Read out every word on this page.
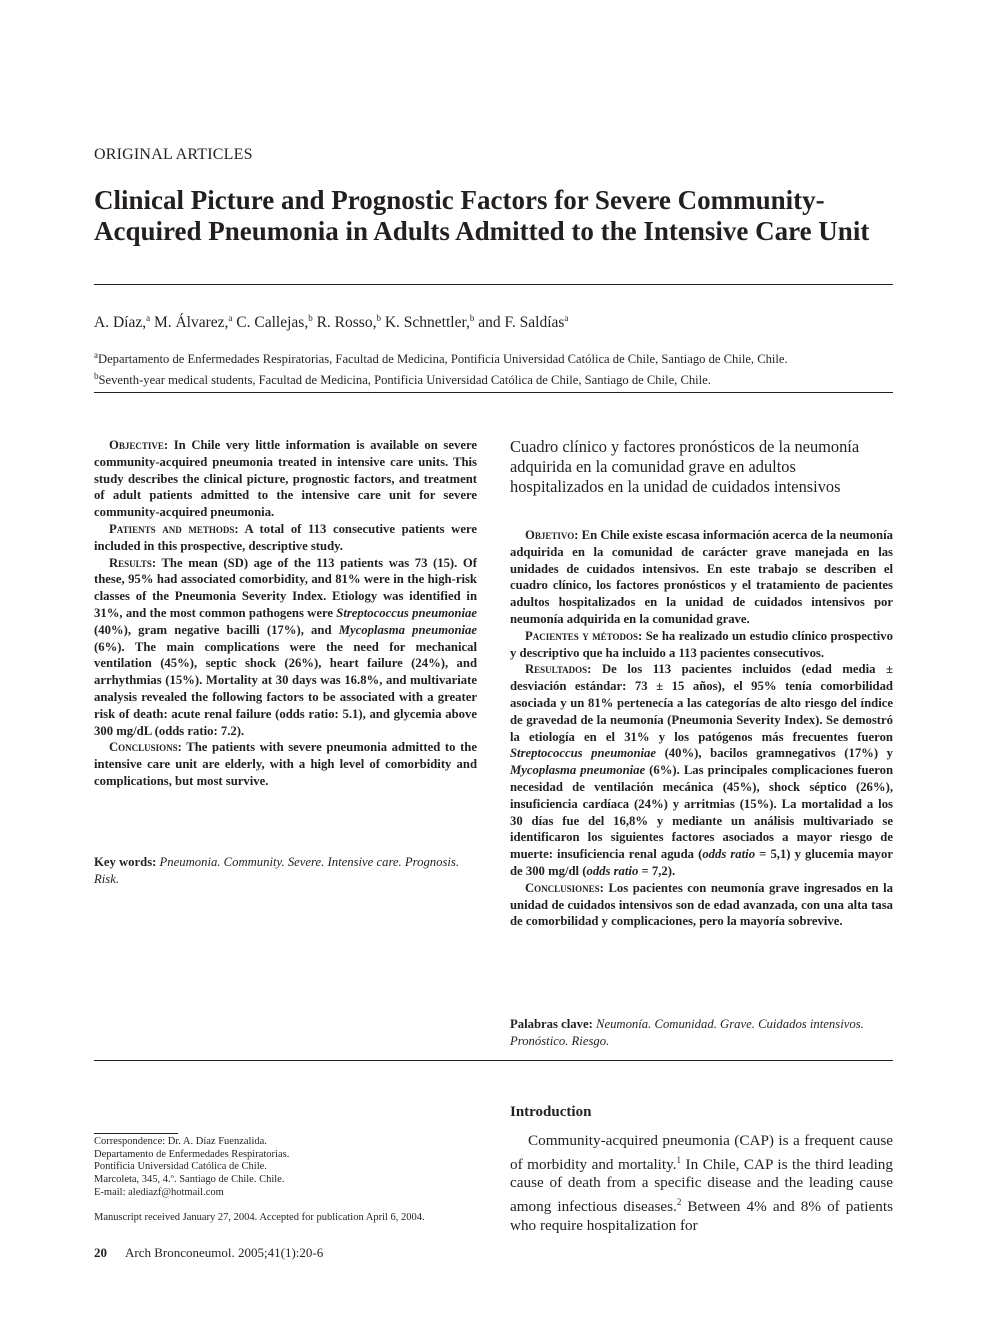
ORIGINAL ARTICLES
Clinical Picture and Prognostic Factors for Severe Community-Acquired Pneumonia in Adults Admitted to the Intensive Care Unit
A. Díaz,$^a$ M. Álvarez,$^a$ C. Callejas,$^b$ R. Rosso,$^b$ K. Schnettler,$^b$ and F. Saldías$^a$
$^a$Departamento de Enfermedades Respiratorias, Facultad de Medicina, Pontificia Universidad Católica de Chile, Santiago de Chile, Chile.
$^b$Seventh-year medical students, Facultad de Medicina, Pontificia Universidad Católica de Chile, Santiago de Chile, Chile.

Objective: In Chile very little information is available on severe community-acquired pneumonia treated in intensive care units. This study describes the clinical picture, prognostic factors, and treatment of adult patients admitted to the intensive care unit for severe community-acquired pneumonia.

Patients and methods: A total of 113 consecutive patients were included in this prospective, descriptive study.

Results: The mean (SD) age of the 113 patients was 73 (15). Of these, 95% had associated comorbidity, and 81% were in the high-risk classes of the Pneumonia Severity Index. Etiology was identified in 31%, and the most common pathogens were Streptococcus pneumoniae (40%), gram negative bacilli (17%), and Mycoplasma pneumoniae (6%). The main complications were the need for mechanical ventilation (45%), septic shock (26%), heart failure (24%), and arrhythmias (15%). Mortality at 30 days was 16.8%, and multivariate analysis revealed the following factors to be associated with a greater risk of death: acute renal failure (odds ratio: 5.1), and glycemia above 300 mg/dL (odds ratio: 7.2).

Conclusions: The patients with severe pneumonia admitted to the intensive care unit are elderly, with a high level of comorbidity and complications, but most survive.

Key words: Pneumonia. Community. Severe. Intensive care. Prognosis. Risk.
Cuadro clínico y factores pronósticos de la neumonía adquirida en la comunidad grave en adultos hospitalizados en la unidad de cuidados intensivos

Objetivo: En Chile existe escasa información acerca de la neumonía adquirida en la comunidad de carácter grave manejada en las unidades de cuidados intensivos. En este trabajo se describen el cuadro clínico, los factores pronósticos y el tratamiento de pacientes adultos hospitalizados en la unidad de cuidados intensivos por neumonía adquirida en la comunidad grave.

Pacientes y métodos: Se ha realizado un estudio clínico prospectivo y descriptivo que ha incluido a 113 pacientes consecutivos.

Resultados: De los 113 pacientes incluidos (edad media ± desviación estándar: 73 ± 15 años), el 95% tenía comorbilidad asociada y un 81% pertenecía a las categorías de alto riesgo del índice de gravedad de la neumonía (Pneumonia Severity Index). Se demostró la etiología en el 31% y los patógenos más frecuentes fueron Streptococcus pneumoniae (40%), bacilos gramnegativos (17%) y Mycoplasma pneumoniae (6%). Las principales complicaciones fueron necesidad de ventilación mecánica (45%), shock séptico (26%), insuficiencia cardíaca (24%) y arritmias (15%). La mortalidad a los 30 días fue del 16,8% y mediante un análisis multivariado se identificaron los siguientes factores asociados a mayor riesgo de muerte: insuficiencia renal aguda (odds ratio = 5,1) y glucemia mayor de 300 mg/dl (odds ratio = 7,2).

Conclusiones: Los pacientes con neumonía grave ingresados en la unidad de cuidados intensivos son de edad avanzada, con una alta tasa de comorbilidad y complicaciones, pero la mayoría sobrevive.

Palabras clave: Neumonía. Comunidad. Grave. Cuidados intensivos. Pronóstico. Riesgo.
Introduction

Community-acquired pneumonia (CAP) is a frequent cause of morbidity and mortality.$^1$ In Chile, CAP is the third leading cause of death from a specific disease and the leading cause among infectious diseases.$^2$ Between 4% and 8% of patients who require hospitalization for

Correspondence: Dr. A. Díaz Fuenzalida.
Departamento de Enfermedades Respiratorias.
Pontificia Universidad Católica de Chile.
Marcoleta, 345, 4.º. Santiago de Chile. Chile.
E-mail: alediazf@hotmail.com
Manuscript received January 27, 2004. Accepted for publication April 6, 2004.
20 Arch Bronconeumol. 2005;41(1):20-6
